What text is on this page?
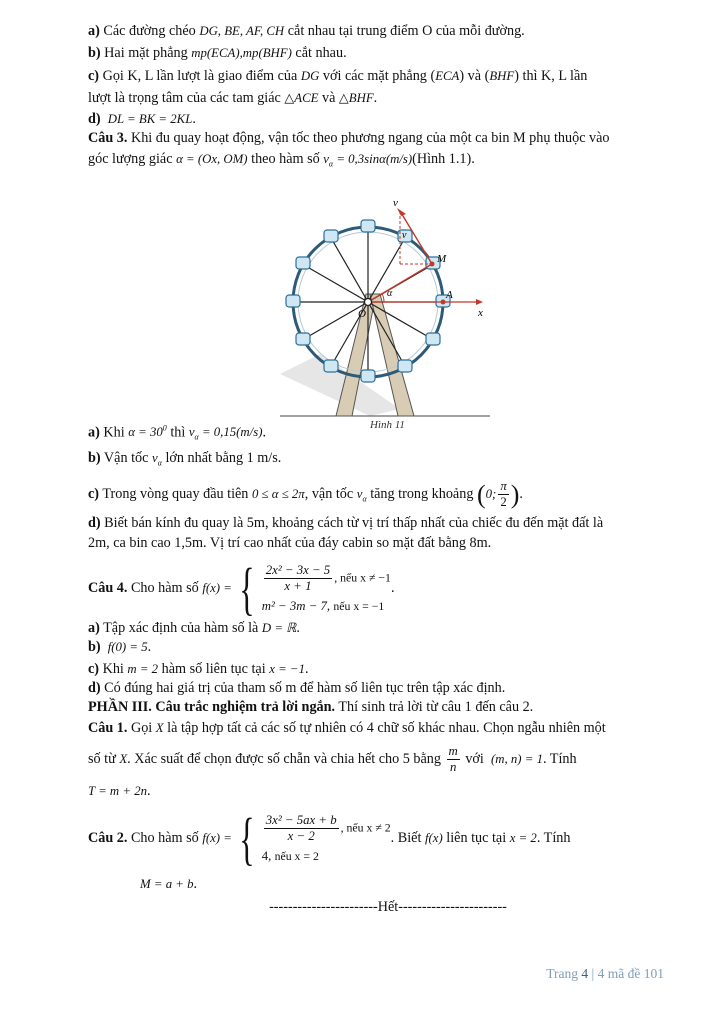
a) Các đường chéo DG, BE, AF, CH cắt nhau tại trung điểm O của mỗi đường.
b) Hai mặt phẳng mp(ECA),mp(BHF) cắt nhau.
c) Gọi K, L lần lượt là giao điểm của DG với các mặt phẳng (ECA) và (BHF) thì K, L lần
lượt là trọng tâm của các tam giác △ACE và △BHF.
d) DL = BK = 2KL.
Câu 3. Khi đu quay hoạt động, vận tốc theo phương ngang của một ca bin M phụ thuộc vào
góc lượng giác α = (Ox, OM) theo hàm số $v_\alpha$ = 0,3sinα(m/s)(Hình 1.1).
v
M
A
x
O
α
v
Hình 11
a) Khi $\alpha = 30^0$ thì $v_\alpha = 0,15(m/s)$.
b) Vận tốc $v_\alpha$ lớn nhất bằng 1 m/s.
c) Trong vòng quay đầu tiên 0 ≤ α ≤ 2π, vận tốc $v_\alpha$ tăng trong khoảng (0; $\frac{\pi}{2}$ ).
d) Biết bán kính đu quay là 5m, khoảng cách từ vị trí thấp nhất của chiếc đu đến mặt đất là
2m, ca bin cao 1,5m. Vị trí cao nhất của đáy cabin so mặt đất bằng 8m.
Câu 4.
Cho hàm số
f(x) = { $\frac{\text{2x² − 3x − 5}}{x + 1}$ , nếu x ≠ −1
m² − 3m − 7, nếu x = −1
.
a) Tập xác định của hàm số là D = ℝ.
b) f(0) = 5.
c) Khi m = 2 hàm số liên tục tại x = −1.
d) Có đúng hai giá trị của tham số m để hàm số liên tục trên tập xác định.
PHẦN III. Câu trắc nghiệm trả lời ngắn. Thí sinh trả lời từ câu 1 đến câu 2.
Câu 1. Gọi X là tập hợp tất cả các số tự nhiên có 4 chữ số khác nhau. Chọn ngẫu nhiên một
số từ
X . Xác suất để chọn được số chẵn và chia hết cho 5 bằng
$\frac{m}{n}$
với
(m, n) = 1 . Tính
T = m + 2n.
Câu 2.
Cho hàm số
f(x) = { $\frac{\text{3x² − 5ax + b}}{x - 2}$ , nếu x ≠ 2
4, nếu x = 2
. Biết
f(x)
liên tục tại
x = 2 . Tính
M = a + b.
-----------------------Hết-----------------------
Trang 4 | 4 mã đề 101
